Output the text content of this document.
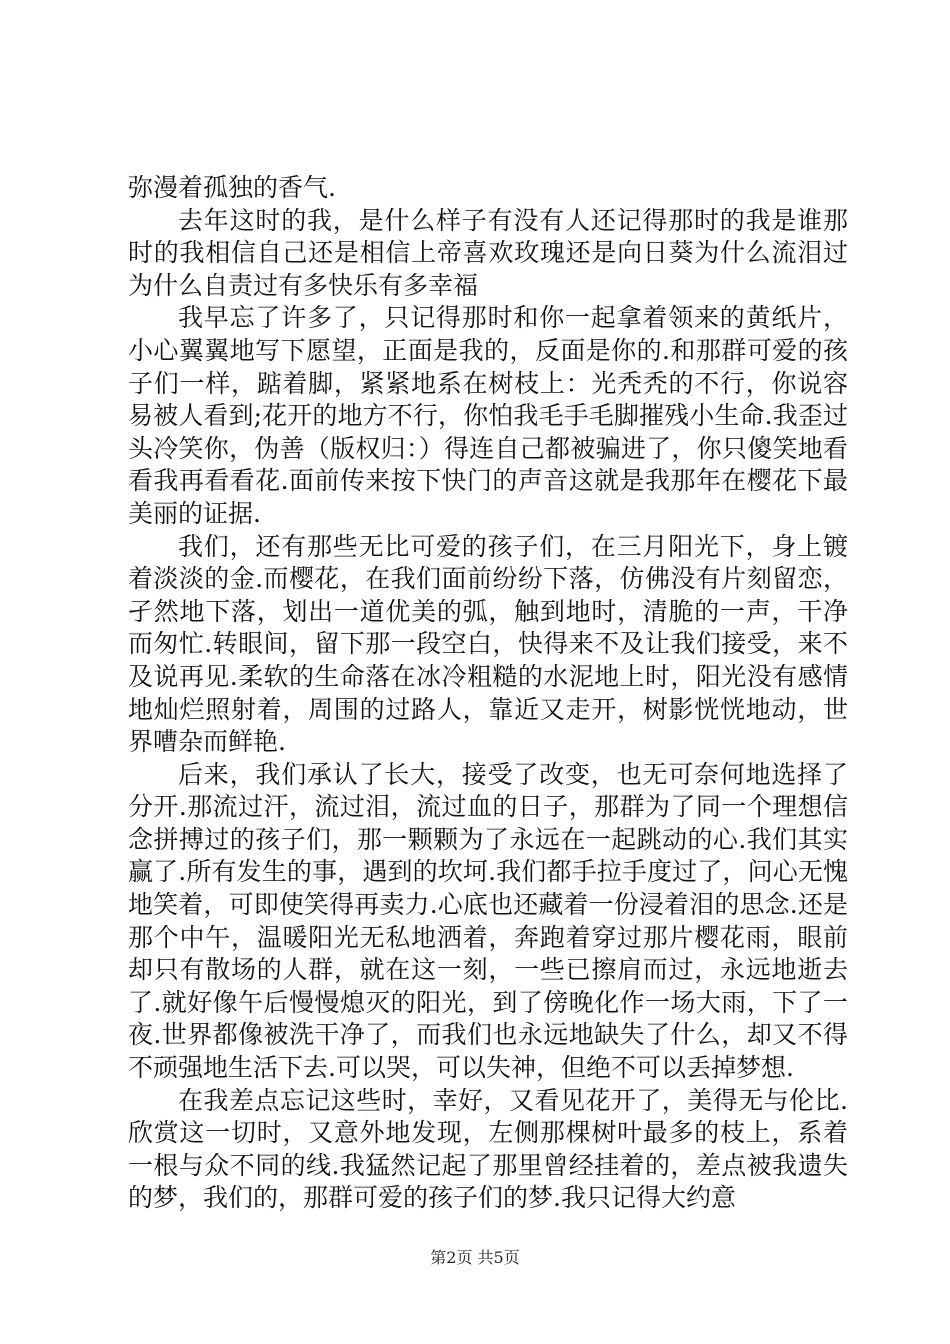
弥漫着孤独的香气.

去年这时的我，是什么样子有没有人还记得那时的我是谁那时的我相信自己还是相信上帝喜欢玫瑰还是向日葵为什么流泪过为什么自责过有多快乐有多幸福

我早忘了许多了，只记得那时和你一起拿着领来的黄纸片，小心翼翼地写下愿望，正面是我的，反面是你的.和那群可爱的孩子们一样，踮着脚，紧紧地系在树枝上：光秃秃的不行，你说容易被人看到;花开的地方不行，你怕我毛手毛脚摧残小生命.我歪过头冷笑你，伪善（版权归：）得连自己都被骗进了，你只傻笑地看看我再看看花.面前传来按下快门的声音这就是我那年在樱花下最美丽的证据.

我们，还有那些无比可爱的孩子们，在三月阳光下，身上镀着淡淡的金.而樱花，在我们面前纷纷下落，仿佛没有片刻留恋，孑然地下落，划出一道优美的弧，触到地时，清脆的一声，干净而匆忙.转眼间，留下那一段空白，快得来不及让我们接受，来不及说再见.柔软的生命落在冰冷粗糙的水泥地上时，阳光没有感情地灿烂照射着，周围的过路人，靠近又走开，树影恍恍地动，世界嘈杂而鲜艳.

后来，我们承认了长大，接受了改变，也无可奈何地选择了分开.那流过汗，流过泪，流过血的日子，那群为了同一个理想信念拼搏过的孩子们，那一颗颗为了永远在一起跳动的心.我们其实赢了.所有发生的事，遇到的坎坷.我们都手拉手度过了，问心无愧地笑着，可即使笑得再卖力.心底也还藏着一份浸着泪的思念.还是那个中午，温暖阳光无私地洒着，奔跑着穿过那片樱花雨，眼前却只有散场的人群，就在这一刻，一些已擦肩而过，永远地逝去了.就好像午后慢慢熄灭的阳光，到了傍晚化作一场大雨，下了一夜.世界都像被洗干净了，而我们也永远地缺失了什么，却又不得不顽强地生活下去.可以哭，可以失神，但绝不可以丢掉梦想.

在我差点忘记这些时，幸好，又看见花开了，美得无与伦比.欣赏这一切时，又意外地发现，左侧那棵树叶最多的枝上，系着一根与众不同的线.我猛然记起了那里曾经挂着的，差点被我遗失的梦，我们的，那群可爱的孩子们的梦.我只记得大约意

第2页 共5页
